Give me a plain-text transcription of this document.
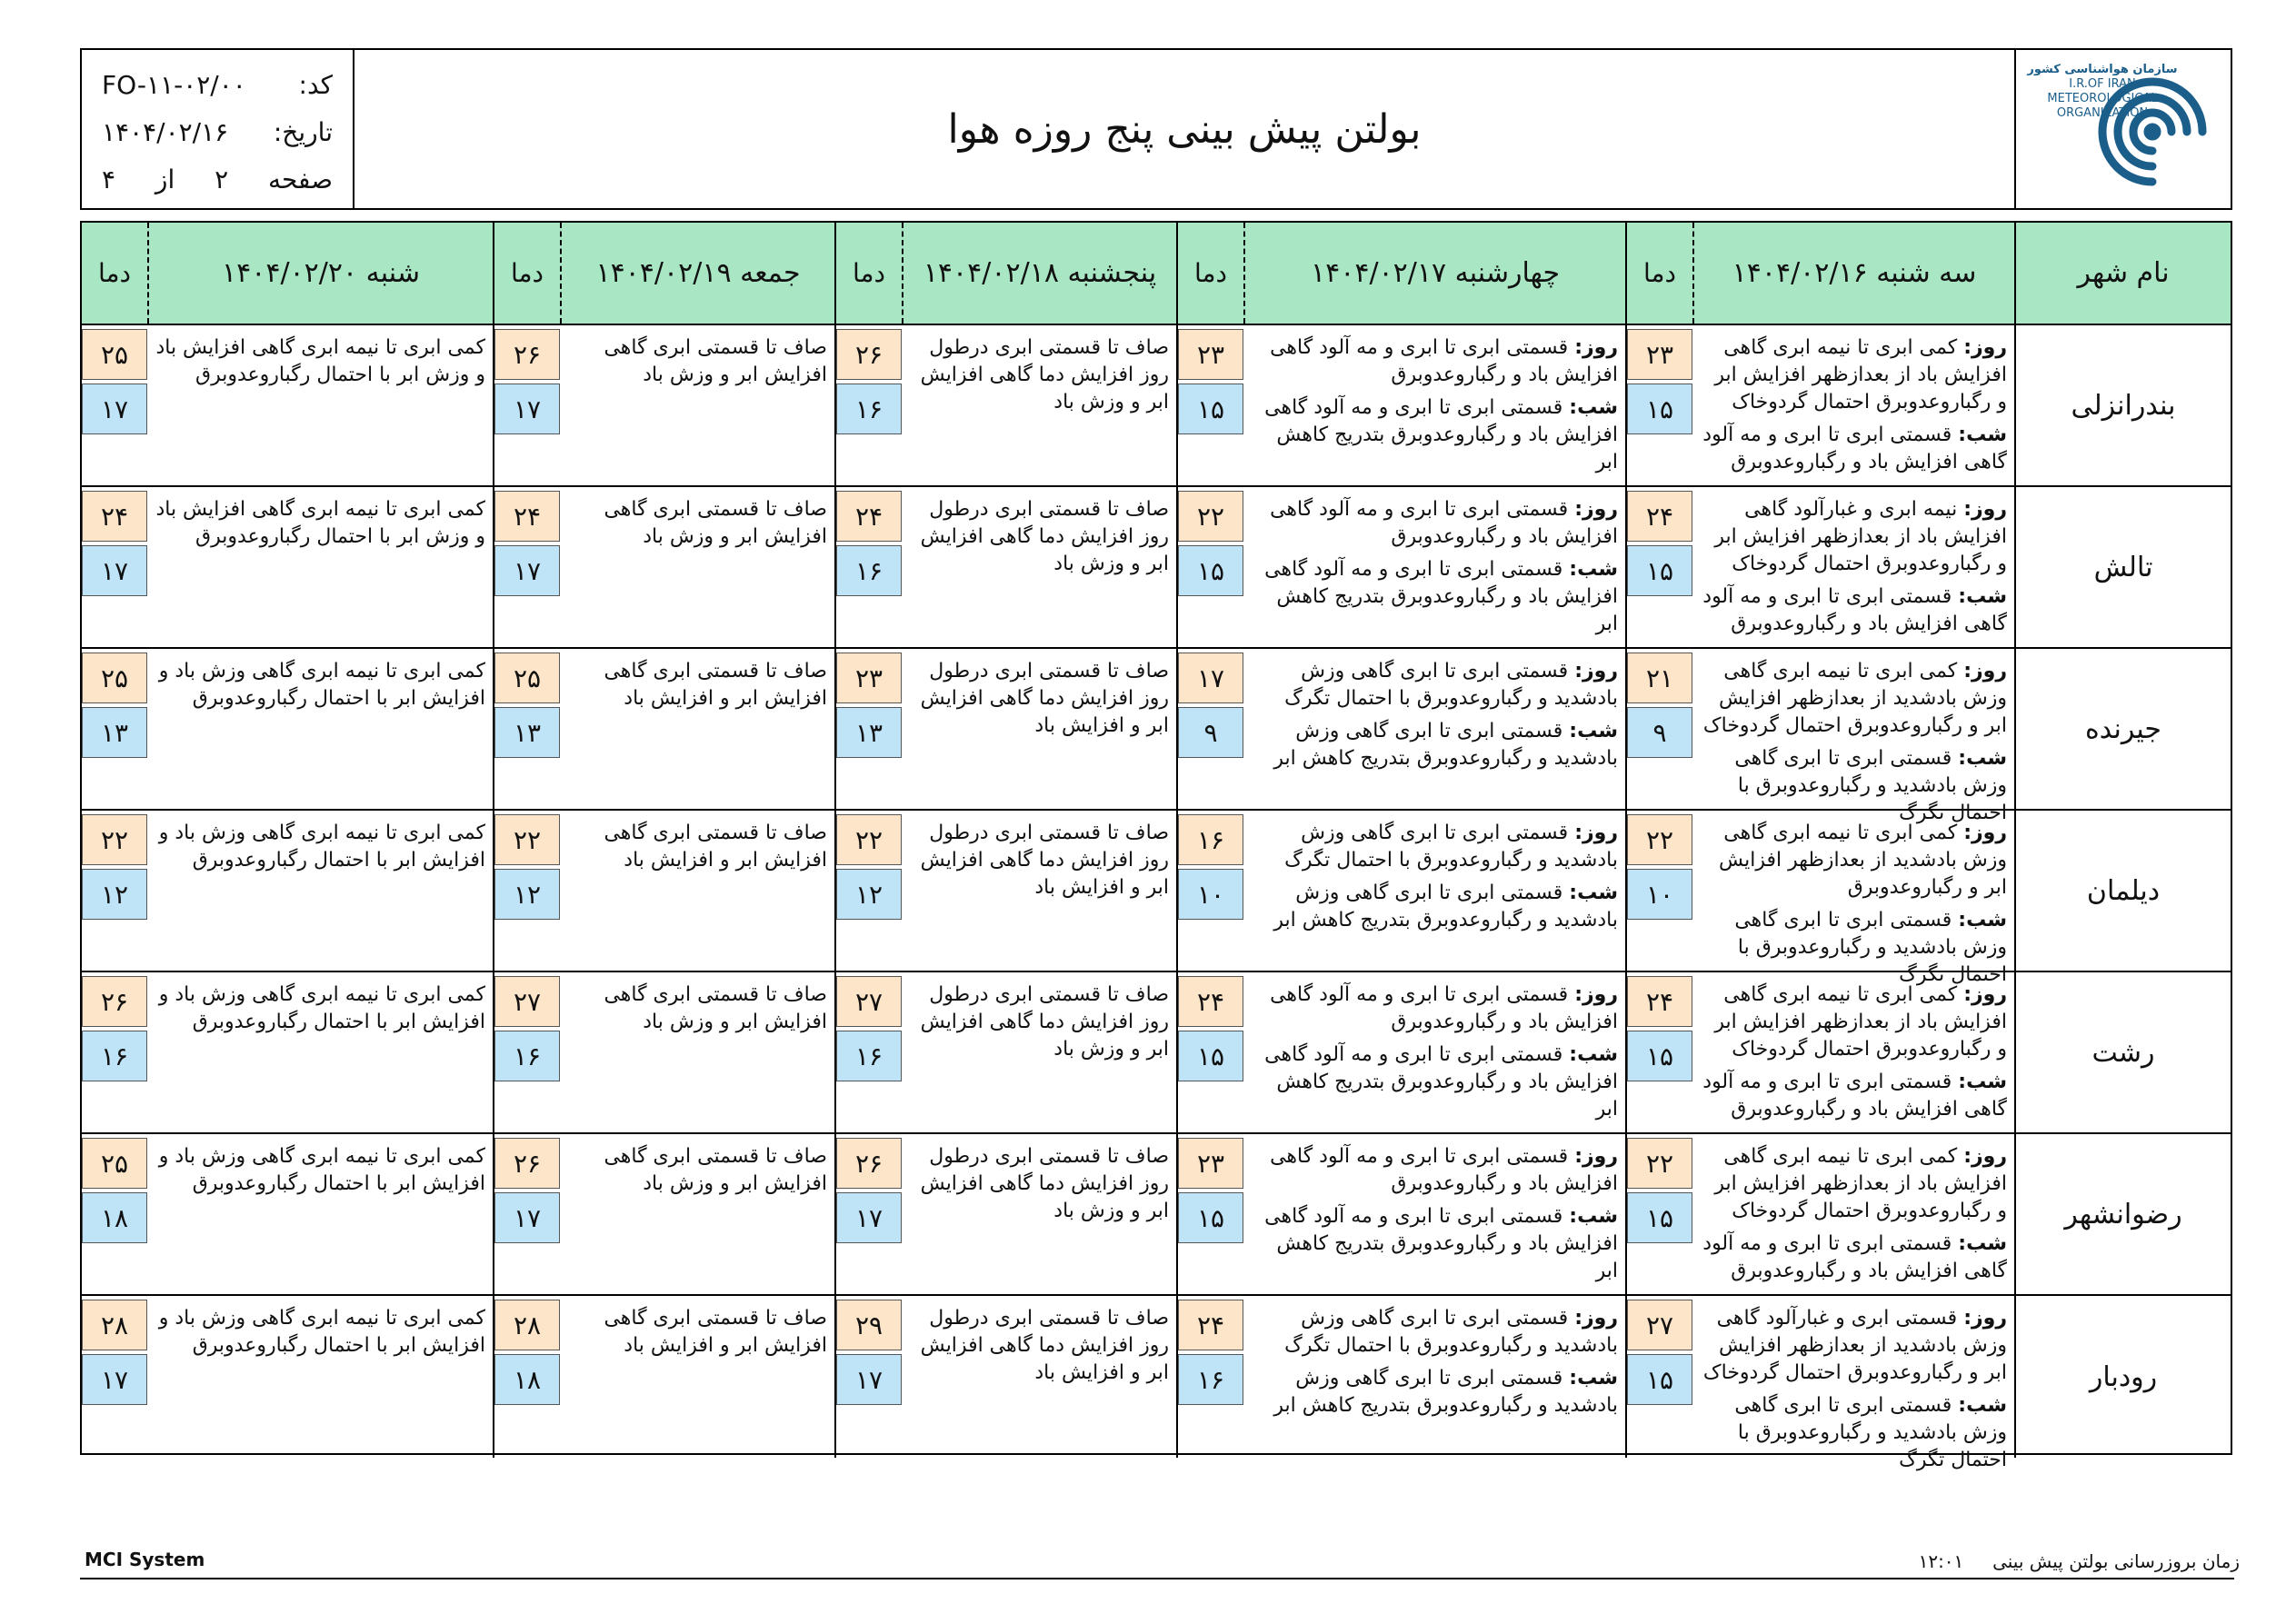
سازمان هواشناسی کشور
I.R.OF IRAN
METEOROLOGICAL
ORGANIZATION
بولتن پیش بینی پنج روزه هوا
کد:
FO-۱۱-۰۲/۰۰
تاریخ:
۱۴۰۴/۰۲/۱۶
صفحه
۲
از
۴
نام شهر
سه شنبه ۱۴۰۴/۰۲/۱۶
دما
چهارشنبه ۱۴۰۴/۰۲/۱۷
دما
پنجشنبه ۱۴۰۴/۰۲/۱۸
دما
جمعه ۱۴۰۴/۰۲/۱۹
دما
شنبه ۱۴۰۴/۰۲/۲۰
دما
بندرانزلی
روز: کمی ابری تا نیمه ابری گاهی افزایش باد از بعدازظهر افزایش ابر و رگباروعدوبرق احتمال گردوخاک
شب: قسمتی ابری تا ابری و مه آلود گاهی افزایش باد و رگباروعدوبرق
۲۳
۱۵
روز: قسمتی ابری تا ابری و مه آلود گاهی افزایش باد و رگباروعدوبرق
شب: قسمتی ابری تا ابری و مه آلود گاهی افزایش باد و رگباروعدوبرق بتدریج کاهش ابر
۲۳
۱۵
صاف تا قسمتی ابری درطول روز افزایش دما گاهی افزایش ابر و وزش باد
۲۶
۱۶
صاف تا قسمتی ابری گاهی افزایش ابر و وزش باد
۲۶
۱۷
کمی ابری تا نیمه ابری گاهی افزایش باد و وزش ابر با احتمال رگباروعدوبرق
۲۵
۱۷
تالش
روز: نیمه ابری و غبارآلود گاهی افزایش باد از بعدازظهر افزایش ابر و رگباروعدوبرق احتمال گردوخاک
شب: قسمتی ابری تا ابری و مه آلود گاهی افزایش باد و رگباروعدوبرق
۲۴
۱۵
روز: قسمتی ابری تا ابری و مه آلود گاهی افزایش باد و رگباروعدوبرق
شب: قسمتی ابری تا ابری و مه آلود گاهی افزایش باد و رگباروعدوبرق بتدریج کاهش ابر
۲۲
۱۵
صاف تا قسمتی ابری درطول روز افزایش دما گاهی افزایش ابر و وزش باد
۲۴
۱۶
صاف تا قسمتی ابری گاهی افزایش ابر و وزش باد
۲۴
۱۷
کمی ابری تا نیمه ابری گاهی افزایش باد و وزش ابر با احتمال رگباروعدوبرق
۲۴
۱۷
جیرنده
روز: کمی ابری تا نیمه ابری گاهی وزش بادشدید از بعدازظهر افزایش ابر و رگباروعدوبرق احتمال گردوخاک
شب: قسمتی ابری تا ابری گاهی وزش بادشدید و رگباروعدوبرق با احتمال تگرگ
۲۱
۹
روز: قسمتی ابری تا ابری گاهی وزش بادشدید و رگباروعدوبرق با احتمال تگرگ
شب: قسمتی ابری تا ابری گاهی وزش بادشدید و رگباروعدوبرق بتدریج کاهش ابر
۱۷
۹
صاف تا قسمتی ابری درطول روز افزایش دما گاهی افزایش ابر و افزایش باد
۲۳
۱۳
صاف تا قسمتی ابری گاهی افزایش ابر و افزایش باد
۲۵
۱۳
کمی ابری تا نیمه ابری گاهی وزش باد و افزایش ابر با احتمال رگباروعدوبرق
۲۵
۱۳
دیلمان
روز: کمی ابری تا نیمه ابری گاهی وزش بادشدید از بعدازظهر افزایش ابر و رگباروعدوبرق
شب: قسمتی ابری تا ابری گاهی وزش بادشدید و رگباروعدوبرق با احتمال تگرگ
۲۲
۱۰
روز: قسمتی ابری تا ابری گاهی وزش بادشدید و رگباروعدوبرق با احتمال تگرگ
شب: قسمتی ابری تا ابری گاهی وزش بادشدید و رگباروعدوبرق بتدریج کاهش ابر
۱۶
۱۰
صاف تا قسمتی ابری درطول روز افزایش دما گاهی افزایش ابر و افزایش باد
۲۲
۱۲
صاف تا قسمتی ابری گاهی افزایش ابر و افزایش باد
۲۲
۱۲
کمی ابری تا نیمه ابری گاهی وزش باد و افزایش ابر با احتمال رگباروعدوبرق
۲۲
۱۲
رشت
روز: کمی ابری تا نیمه ابری گاهی افزایش باد از بعدازظهر افزایش ابر و رگباروعدوبرق احتمال گردوخاک
شب: قسمتی ابری تا ابری و مه آلود گاهی افزایش باد و رگباروعدوبرق
۲۴
۱۵
روز: قسمتی ابری تا ابری و مه آلود گاهی افزایش باد و رگباروعدوبرق
شب: قسمتی ابری تا ابری و مه آلود گاهی افزایش باد و رگباروعدوبرق بتدریج کاهش ابر
۲۴
۱۵
صاف تا قسمتی ابری درطول روز افزایش دما گاهی افزایش ابر و وزش باد
۲۷
۱۶
صاف تا قسمتی ابری گاهی افزایش ابر و وزش باد
۲۷
۱۶
کمی ابری تا نیمه ابری گاهی وزش باد و افزایش ابر با احتمال رگباروعدوبرق
۲۶
۱۶
رضوانشهر
روز: کمی ابری تا نیمه ابری گاهی افزایش باد از بعدازظهر افزایش ابر و رگباروعدوبرق احتمال گردوخاک
شب: قسمتی ابری تا ابری و مه آلود گاهی افزایش باد و رگباروعدوبرق
۲۲
۱۵
روز: قسمتی ابری تا ابری و مه آلود گاهی افزایش باد و رگباروعدوبرق
شب: قسمتی ابری تا ابری و مه آلود گاهی افزایش باد و رگباروعدوبرق بتدریج کاهش ابر
۲۳
۱۵
صاف تا قسمتی ابری درطول روز افزایش دما گاهی افزایش ابر و وزش باد
۲۶
۱۷
صاف تا قسمتی ابری گاهی افزایش ابر و وزش باد
۲۶
۱۷
کمی ابری تا نیمه ابری گاهی وزش باد و افزایش ابر با احتمال رگباروعدوبرق
۲۵
۱۸
رودبار
روز: قسمتی ابری و غبارآلود گاهی وزش بادشدید از بعدازظهر افزایش ابر و رگباروعدوبرق احتمال گردوخاک
شب: قسمتی ابری تا ابری گاهی وزش بادشدید و رگباروعدوبرق با احتمال تگرگ
۲۷
۱۵
روز: قسمتی ابری تا ابری گاهی وزش بادشدید و رگباروعدوبرق با احتمال تگرگ
شب: قسمتی ابری تا ابری گاهی وزش بادشدید و رگباروعدوبرق بتدریج کاهش ابر
۲۴
۱۶
صاف تا قسمتی ابری درطول روز افزایش دما گاهی افزایش ابر و افزایش باد
۲۹
۱۷
صاف تا قسمتی ابری گاهی افزایش ابر و افزایش باد
۲۸
۱۸
کمی ابری تا نیمه ابری گاهی وزش باد و افزایش ابر با احتمال رگباروعدوبرق
۲۸
۱۷
MCI System	زمان بروزرسانی بولتن پیش بینی     ۱۲:۰۱
